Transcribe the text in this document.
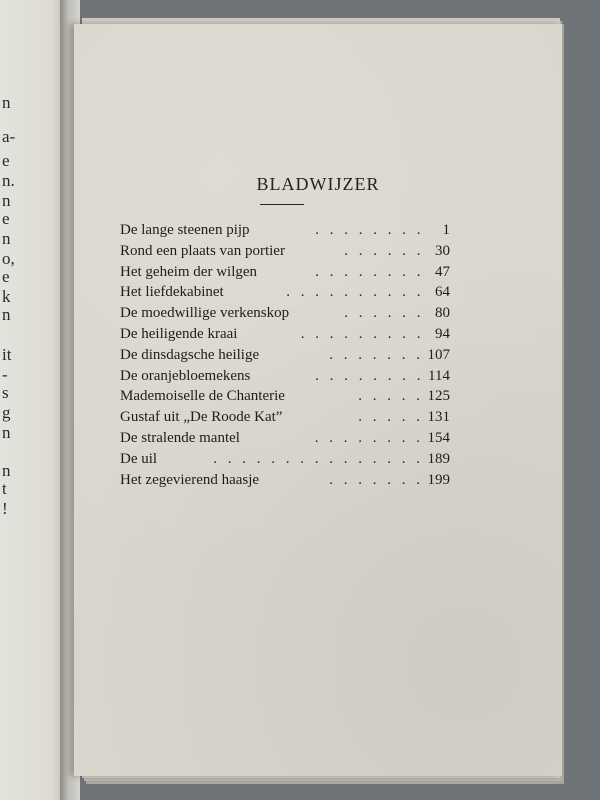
n
a-
e
n.
n
e
n
o,
e
k
n
it
-
s
g
n
n
t
!
BLADWIJZER
De lange steenen pijp	. . . . . . . .	1
Rond een plaats van portier	. . . . . . 30
Het geheim der wilgen	. . . . . . . . 47
Het liefdekabinet	. . . . . . . . . . 64
De moedwillige verkenskop	. . . . . . 80
De heiligende kraai	. . . . . . . . . 94
De dinsdagsche heilige	. . . . . . . 107
De oranjebloemekens	. . . . . . . . 114
Mademoiselle de Chanterie	. . . . . 125
Gustaf uit „De Roode Kat”	. . . . . 131
De stralende mantel	. . . . . . . . 154
De uil	. . . . . . . . . . . . . . . 189
Het zegevierend haasje	. . . . . . . 199
